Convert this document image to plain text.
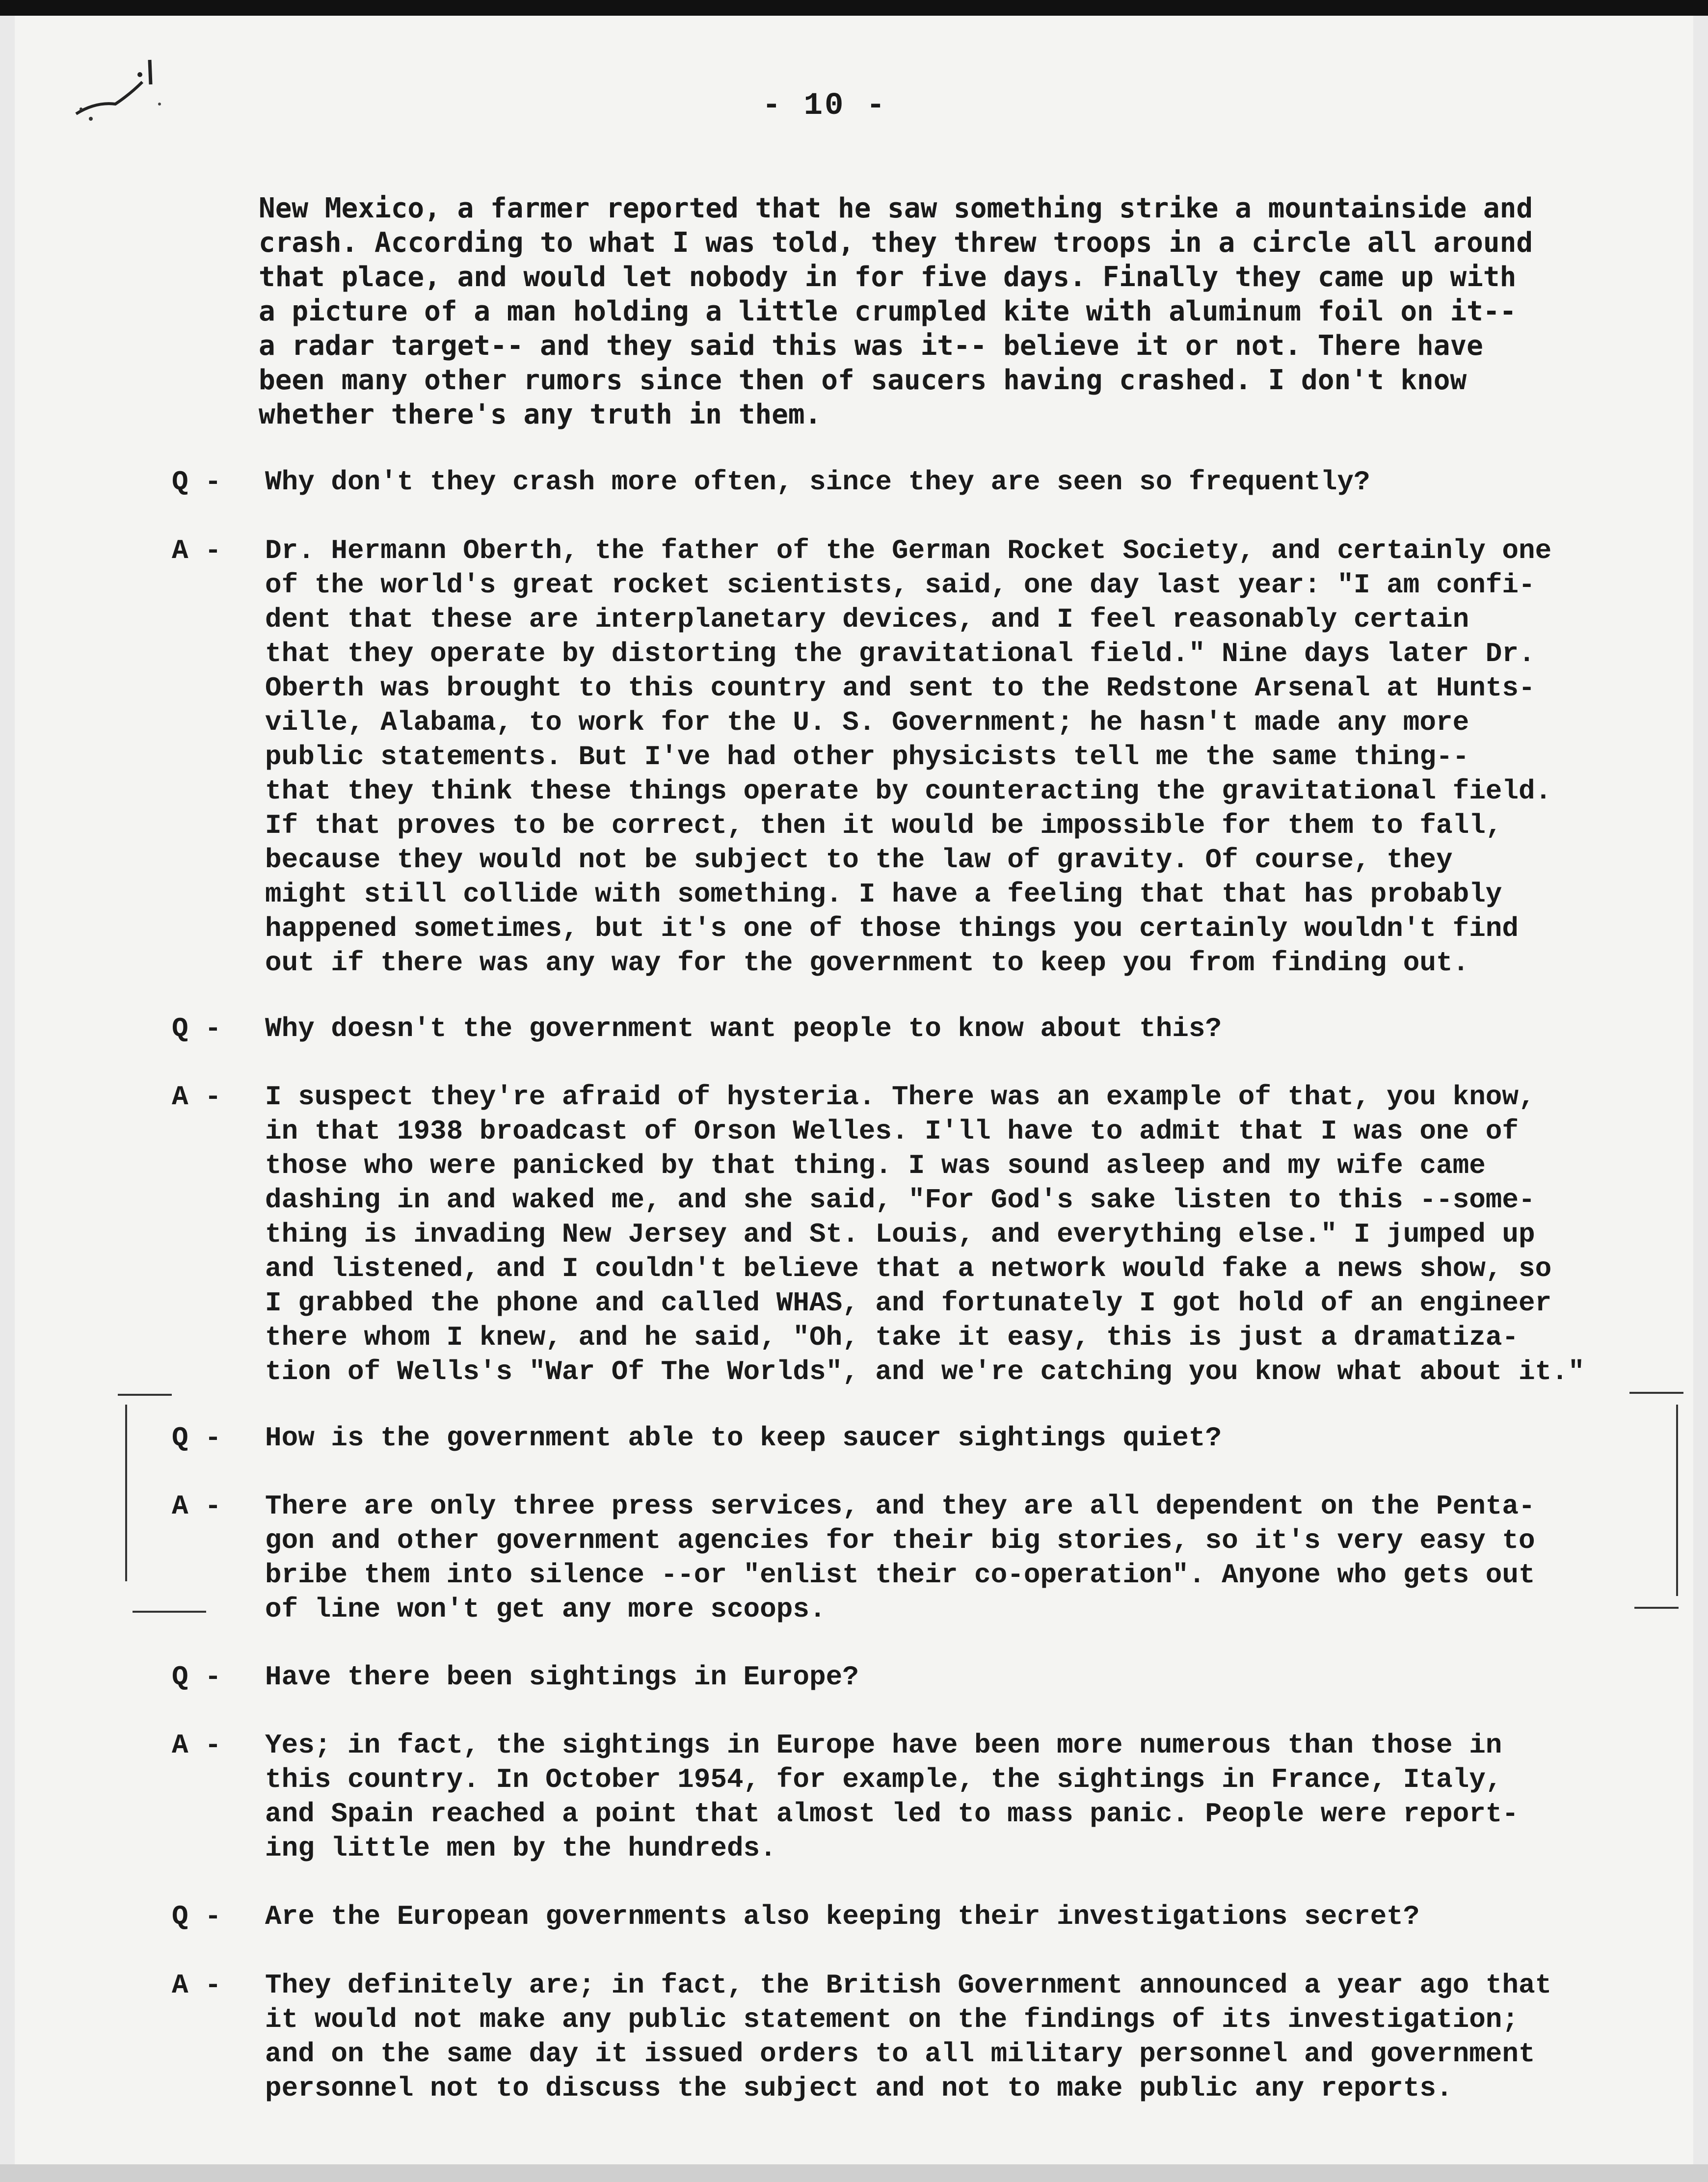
- 10 -
New Mexico, a farmer reported that he saw something strike a mountainside and
crash. According to what I was told, they threw troops in a circle all around
that place, and would let nobody in for five days. Finally they came up with
a picture of a man holding a little crumpled kite with aluminum foil on it--
a radar target-- and they said this was it-- believe it or not. There have
been many other rumors since then of saucers having crashed. I don't know
whether there's any truth in them.
Q -	Why don't they crash more often, since they are seen so frequently?
A -	Dr. Hermann Oberth, the father of the German Rocket Society, and certainly one
of the world's great rocket scientists, said, one day last year: "I am confi-
dent that these are interplanetary devices, and I feel reasonably certain
that they operate by distorting the gravitational field." Nine days later Dr.
Oberth was brought to this country and sent to the Redstone Arsenal at Hunts-
ville, Alabama, to work for the U. S. Government; he hasn't made any more
public statements. But I've had other physicists tell me the same thing--
that they think these things operate by counteracting the gravitational field.
If that proves to be correct, then it would be impossible for them to fall,
because they would not be subject to the law of gravity. Of course, they
might still collide with something. I have a feeling that that has probably
happened sometimes, but it's one of those things you certainly wouldn't find
out if there was any way for the government to keep you from finding out.
Q -	Why doesn't the government want people to know about this?
A -	I suspect they're afraid of hysteria. There was an example of that, you know,
in that 1938 broadcast of Orson Welles. I'll have to admit that I was one of
those who were panicked by that thing. I was sound asleep and my wife came
dashing in and waked me, and she said, "For God's sake listen to this --some-
thing is invading New Jersey and St. Louis, and everything else." I jumped up
and listened, and I couldn't believe that a network would fake a news show, so
I grabbed the phone and called WHAS, and fortunately I got hold of an engineer
there whom I knew, and he said, "Oh, take it easy, this is just a dramatiza-
tion of Wells's "War Of The Worlds", and we're catching you know what about it."
Q -	How is the government able to keep saucer sightings quiet?
A -	There are only three press services, and they are all dependent on the Penta-
gon and other government agencies for their big stories, so it's very easy to
bribe them into silence --or "enlist their co-operation". Anyone who gets out
of line won't get any more scoops.
Q -	Have there been sightings in Europe?
A -	Yes; in fact, the sightings in Europe have been more numerous than those in
this country. In October 1954, for example, the sightings in France, Italy,
and Spain reached a point that almost led to mass panic. People were report-
ing little men by the hundreds.
Q -	Are the European governments also keeping their investigations secret?
A -	They definitely are; in fact, the British Government announced a year ago that
it would not make any public statement on the findings of its investigation;
and on the same day it issued orders to all military personnel and government
personnel not to discuss the subject and not to make public any reports.
